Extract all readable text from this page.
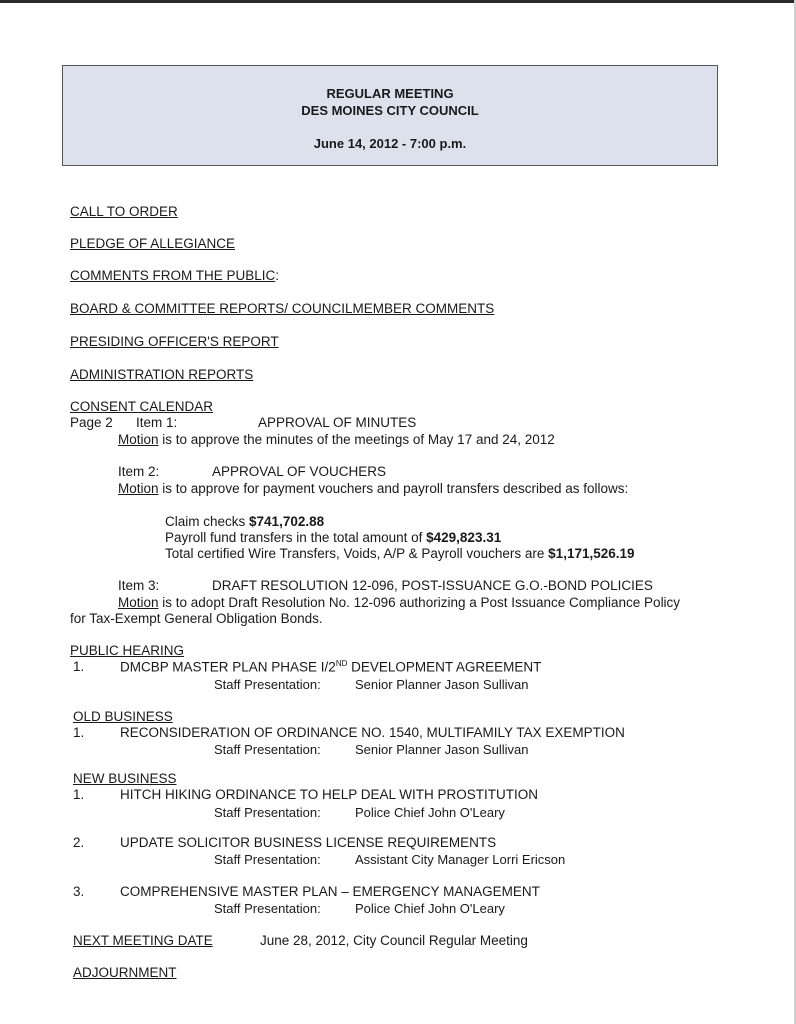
REGULAR MEETING
DES MOINES CITY COUNCIL
June 14, 2012 - 7:00 p.m.
CALL TO ORDER
PLEDGE OF ALLEGIANCE
COMMENTS FROM THE PUBLIC:
BOARD & COMMITTEE REPORTS/ COUNCILMEMBER COMMENTS
PRESIDING OFFICER'S REPORT
ADMINISTRATION REPORTS
CONSENT CALENDAR
Page 2 Item 1:	APPROVAL OF MINUTES
Motion is to approve the minutes of the meetings of May 17 and 24, 2012
Item 2:	APPROVAL OF VOUCHERS
Motion is to approve for payment vouchers and payroll transfers described as follows:
Claim checks $741,702.88
Payroll fund transfers in the total amount of $429,823.31
Total certified Wire Transfers, Voids, A/P & Payroll vouchers are $1,171,526.19
Item 3:	DRAFT RESOLUTION 12-096, POST-ISSUANCE G.O.-BOND POLICIES
Motion is to adopt Draft Resolution No. 12-096 authorizing a Post Issuance Compliance Policy
for Tax-Exempt General Obligation Bonds.
PUBLIC HEARING
1.	DMCBP MASTER PLAN PHASE I/2ND DEVELOPMENT AGREEMENT
Staff Presentation:	Senior Planner Jason Sullivan
OLD BUSINESS
1.	RECONSIDERATION OF ORDINANCE NO. 1540, MULTIFAMILY TAX EXEMPTION
Staff Presentation:	Senior Planner Jason Sullivan
NEW BUSINESS
1.	HITCH HIKING ORDINANCE TO HELP DEAL WITH PROSTITUTION
Staff Presentation:	Police Chief John O'Leary
2.	UPDATE SOLICITOR BUSINESS LICENSE REQUIREMENTS
Staff Presentation:	Assistant City Manager Lorri Ericson
3.	COMPREHENSIVE MASTER PLAN – EMERGENCY MANAGEMENT
Staff Presentation:	Police Chief John O'Leary
NEXT MEETING DATE	June 28, 2012, City Council Regular Meeting
ADJOURNMENT
